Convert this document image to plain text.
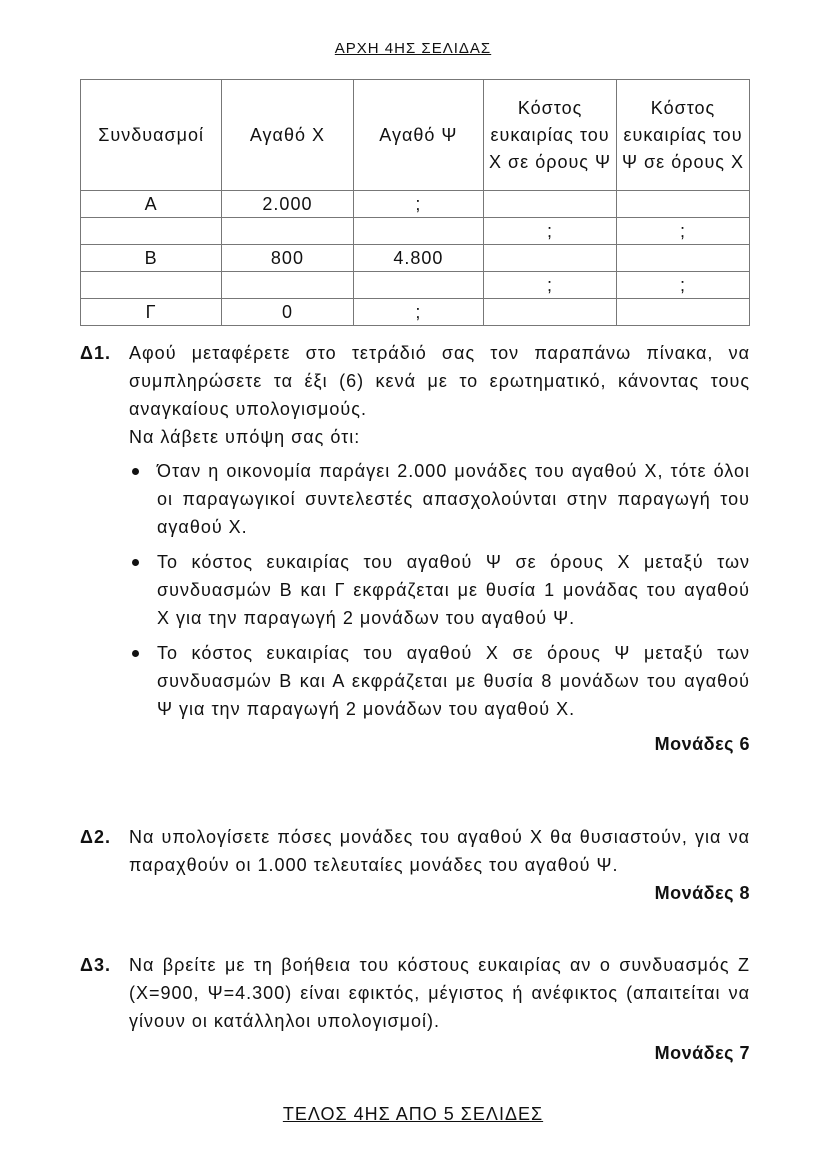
ΑΡΧΗ 4ΗΣ ΣΕΛΙΔΑΣ
Συνδυασμοί	Αγαθό Χ	Αγαθό Ψ	Κόστος ευκαιρίας του Χ σε όρους Ψ	Κόστος ευκαιρίας του Ψ σε όρους Χ
Α	2.000	;		
			;	;
Β	800	4.800		
			;	;
Γ	0	;		
Δ1. Αφού μεταφέρετε στο τετράδιό σας τον παραπάνω πίνακα, να συμπληρώσετε τα έξι (6) κενά με το ερωτηματικό, κάνοντας τους αναγκαίους υπολογισμούς.

Να λάβετε υπόψη σας ότι:

Όταν η οικονομία παράγει 2.000 μονάδες του αγαθού Χ, τότε όλοι οι παραγωγικοί συντελεστές απασχολούνται στην παραγωγή του αγαθού Χ.
Το κόστος ευκαιρίας του αγαθού Ψ σε όρους Χ μεταξύ των συνδυασμών Β και Γ εκφράζεται με θυσία 1 μονάδας του αγαθού Χ για την παραγωγή 2 μονάδων του αγαθού Ψ.
Το κόστος ευκαιρίας του αγαθού Χ σε όρους Ψ μεταξύ των συνδυασμών Β και Α εκφράζεται με θυσία 8 μονάδων του αγαθού Ψ για την παραγωγή 2 μονάδων του αγαθού Χ.
Μονάδες 6
Δ2. Να υπολογίσετε πόσες μονάδες του αγαθού Χ θα θυσιαστούν, για να παραχθούν οι 1.000 τελευταίες μονάδες του αγαθού Ψ.

Μονάδες 8
Δ3. Να βρείτε με τη βοήθεια του κόστους ευκαιρίας αν ο συνδυασμός Ζ (Χ=900, Ψ=4.300) είναι εφικτός, μέγιστος ή ανέφικτος (απαιτείται να γίνουν οι κατάλληλοι υπολογισμοί).

Μονάδες 7
ΤΕΛΟΣ 4ΗΣ ΑΠΟ 5 ΣΕΛΙΔΕΣ
